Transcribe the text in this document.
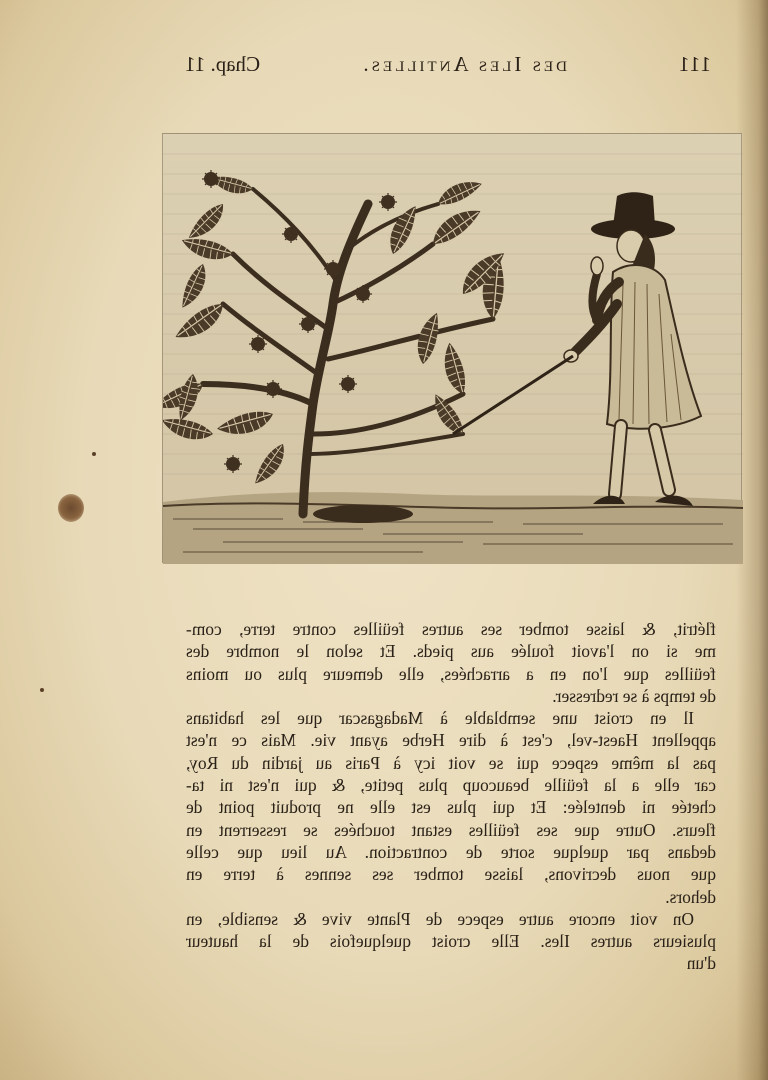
111
des Iles Antilles.
Chap. 11
flétrit, & laisse tomber ses autres feüilles contre terre, com-
me si on l'avoit foulée aus pieds. Et selon le nombre des
feüilles que l'on en a arrachées, elle demeure plus ou moins
de temps à se redresser.
Il en croist une semblable à Madagascar que les habitans
appellent Haest-vel, c'est à dire Herbe ayant vie. Mais ce n'est
pas la même espece qui se voit icy à Paris au jardin du Roy,
car elle a la feüille beaucoup plus petite, & qui n'est ni ta-
chetée ni dentelée: Et qui plus est elle ne produit point de
fleurs. Outre que ses feüilles estant touchées se resserrent en
dedans par quelque sorte de contraction. Au lieu que celle
que nous decrivons, laisse tomber ses sennes à terre en
dehors.
On voit encore autre espece de Plante vive & sensible, en
plusieurs autres Iles. Elle croist quelquefois de la hauteur
d'un
